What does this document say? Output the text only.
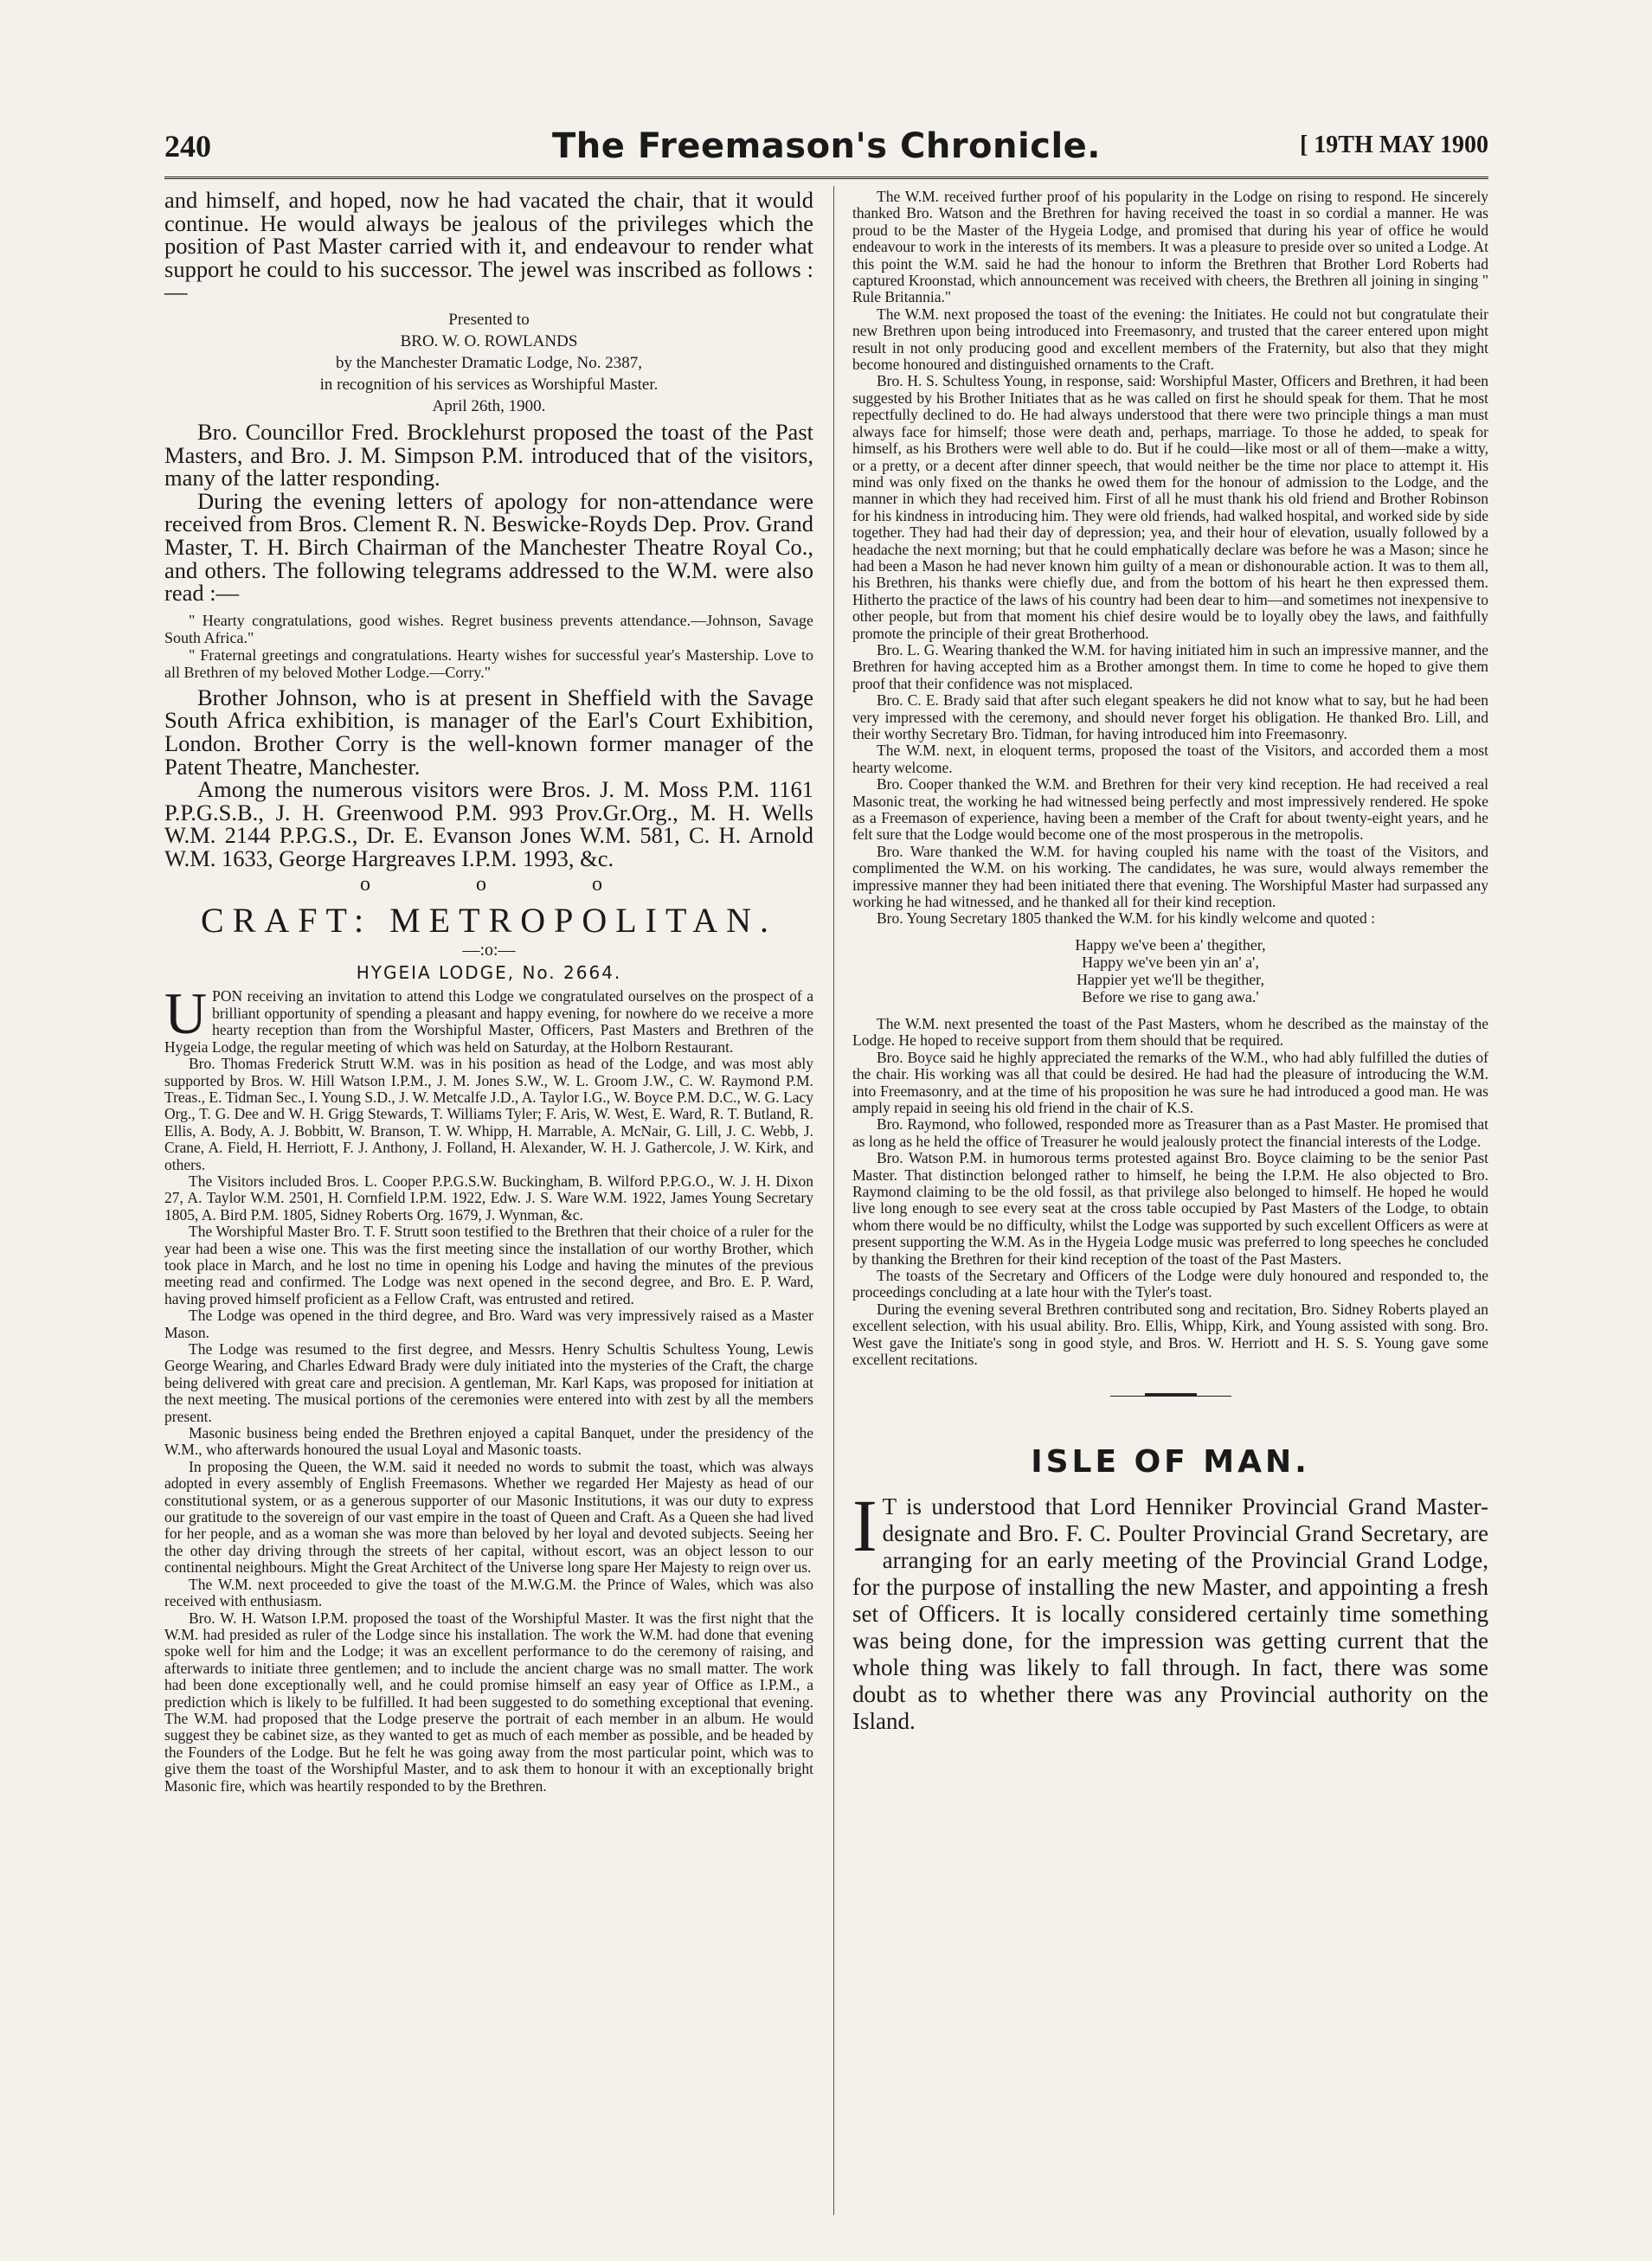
240	The Freemason's Chronicle.	[ 19TH MAY 1900

and himself, and hoped, now he had vacated the chair, that it would continue. He would always be jealous of the privileges which the position of Past Master carried with it, and endeavour to render what support he could to his successor. The jewel was inscribed as follows :—

Presented to
BRO. W. O. ROWLANDS
by the Manchester Dramatic Lodge, No. 2387,
in recognition of his services as Worshipful Master.
April 26th, 1900.

Bro. Councillor Fred. Brocklehurst proposed the toast of the Past Masters, and Bro. J. M. Simpson P.M. introduced that of the visitors, many of the latter responding.

During the evening letters of apology for non-attendance were received from Bros. Clement R. N. Beswicke-Royds Dep. Prov. Grand Master, T. H. Birch Chairman of the Manchester Theatre Royal Co., and others. The following telegrams addressed to the W.M. were also read :—

" Hearty congratulations, good wishes. Regret business prevents attendance.—Johnson, Savage South Africa."

" Fraternal greetings and congratulations. Hearty wishes for successful year's Mastership. Love to all Brethren of my beloved Mother Lodge.—Corry."

Brother Johnson, who is at present in Sheffield with the Savage South Africa exhibition, is manager of the Earl's Court Exhibition, London. Brother Corry is the well-known former manager of the Patent Theatre, Manchester.

Among the numerous visitors were Bros. J. M. Moss P.M. 1161 P.P.G.S.B., J. H. Greenwood P.M. 993 Prov.Gr.Org., M. H. Wells W.M. 2144 P.P.G.S., Dr. E. Evanson Jones W.M. 581, C. H. Arnold W.M. 1633, George Hargreaves I.P.M. 1993, &c.

o o o
CRAFT: METROPOLITAN.
—:o:—
HYGEIA LODGE, No. 2664.

UPON receiving an invitation to attend this Lodge we congratulated ourselves on the prospect of a brilliant opportunity of spending a pleasant and happy evening, for nowhere do we receive a more hearty reception than from the Worshipful Master, Officers, Past Masters and Brethren of the Hygeia Lodge, the regular meeting of which was held on Saturday, at the Holborn Restaurant.

Bro. Thomas Frederick Strutt W.M. was in his position as head of the Lodge, and was most ably supported by Bros. W. Hill Watson I.P.M., J. M. Jones S.W., W. L. Groom J.W., C. W. Raymond P.M. Treas., E. Tidman Sec., I. Young S.D., J. W. Metcalfe J.D., A. Taylor I.G., W. Boyce P.M. D.C., W. G. Lacy Org., T. G. Dee and W. H. Grigg Stewards, T. Williams Tyler; F. Aris, W. West, E. Ward, R. T. Butland, R. Ellis, A. Body, A. J. Bobbitt, W. Branson, T. W. Whipp, H. Marrable, A. McNair, G. Lill, J. C. Webb, J. Crane, A. Field, H. Herriott, F. J. Anthony, J. Folland, H. Alexander, W. H. J. Gathercole, J. W. Kirk, and others.

The Visitors included Bros. L. Cooper P.P.G.S.W. Buckingham, B. Wilford P.P.G.O., W. J. H. Dixon 27, A. Taylor W.M. 2501, H. Cornfield I.P.M. 1922, Edw. J. S. Ware W.M. 1922, James Young Secretary 1805, A. Bird P.M. 1805, Sidney Roberts Org. 1679, J. Wynman, &c.

The Worshipful Master Bro. T. F. Strutt soon testified to the Brethren that their choice of a ruler for the year had been a wise one. This was the first meeting since the installation of our worthy Brother, which took place in March, and he lost no time in opening his Lodge and having the minutes of the previous meeting read and confirmed. The Lodge was next opened in the second degree, and Bro. E. P. Ward, having proved himself proficient as a Fellow Craft, was entrusted and retired.

The Lodge was opened in the third degree, and Bro. Ward was very impressively raised as a Master Mason.

The Lodge was resumed to the first degree, and Messrs. Henry Schultis Schultess Young, Lewis George Wearing, and Charles Edward Brady were duly initiated into the mysteries of the Craft, the charge being delivered with great care and precision. A gentleman, Mr. Karl Kaps, was proposed for initiation at the next meeting. The musical portions of the ceremonies were entered into with zest by all the members present.

Masonic business being ended the Brethren enjoyed a capital Banquet, under the presidency of the W.M., who afterwards honoured the usual Loyal and Masonic toasts.

In proposing the Queen, the W.M. said it needed no words to submit the toast, which was always adopted in every assembly of English Freemasons. Whether we regarded Her Majesty as head of our constitutional system, or as a generous supporter of our Masonic Institutions, it was our duty to express our gratitude to the sovereign of our vast empire in the toast of Queen and Craft. As a Queen she had lived for her people, and as a woman she was more than beloved by her loyal and devoted subjects. Seeing her the other day driving through the streets of her capital, without escort, was an object lesson to our continental neighbours. Might the Great Architect of the Universe long spare Her Majesty to reign over us.

The W.M. next proceeded to give the toast of the M.W.G.M. the Prince of Wales, which was also received with enthusiasm.

Bro. W. H. Watson I.P.M. proposed the toast of the Worshipful Master. It was the first night that the W.M. had presided as ruler of the Lodge since his installation. The work the W.M. had done that evening spoke well for him and the Lodge; it was an excellent performance to do the ceremony of raising, and afterwards to initiate three gentlemen; and to include the ancient charge was no small matter. The work had been done exceptionally well, and he could promise himself an easy year of Office as I.P.M., a prediction which is likely to be fulfilled. It had been suggested to do something exceptional that evening. The W.M. had proposed that the Lodge preserve the portrait of each member in an album. He would suggest they be cabinet size, as they wanted to get as much of each member as possible, and be headed by the Founders of the Lodge. But he felt he was going away from the most particular point, which was to give them the toast of the Worshipful Master, and to ask them to honour it with an exceptionally bright Masonic fire, which was heartily responded to by the Brethren.

The W.M. received further proof of his popularity in the Lodge on rising to respond. He sincerely thanked Bro. Watson and the Brethren for having received the toast in so cordial a manner. He was proud to be the Master of the Hygeia Lodge, and promised that during his year of office he would endeavour to work in the interests of its members. It was a pleasure to preside over so united a Lodge. At this point the W.M. said he had the honour to inform the Brethren that Brother Lord Roberts had captured Kroonstad, which announcement was received with cheers, the Brethren all joining in singing " Rule Britannia."

The W.M. next proposed the toast of the evening: the Initiates. He could not but congratulate their new Brethren upon being introduced into Freemasonry, and trusted that the career entered upon might result in not only producing good and excellent members of the Fraternity, but also that they might become honoured and distinguished ornaments to the Craft.

Bro. H. S. Schultess Young, in response, said: Worshipful Master, Officers and Brethren, it had been suggested by his Brother Initiates that as he was called on first he should speak for them. That he most repectfully declined to do. He had always understood that there were two principle things a man must always face for himself; those were death and, perhaps, marriage. To those he added, to speak for himself, as his Brothers were well able to do. But if he could—like most or all of them—make a witty, or a pretty, or a decent after dinner speech, that would neither be the time nor place to attempt it. His mind was only fixed on the thanks he owed them for the honour of admission to the Lodge, and the manner in which they had received him. First of all he must thank his old friend and Brother Robinson for his kindness in introducing him. They were old friends, had walked hospital, and worked side by side together. They had had their day of depression; yea, and their hour of elevation, usually followed by a headache the next morning; but that he could emphatically declare was before he was a Mason; since he had been a Mason he had never known him guilty of a mean or dishonourable action. It was to them all, his Brethren, his thanks were chiefly due, and from the bottom of his heart he then expressed them. Hitherto the practice of the laws of his country had been dear to him—and sometimes not inexpensive to other people, but from that moment his chief desire would be to loyally obey the laws, and faithfully promote the principle of their great Brotherhood.

Bro. L. G. Wearing thanked the W.M. for having initiated him in such an impressive manner, and the Brethren for having accepted him as a Brother amongst them. In time to come he hoped to give them proof that their confidence was not misplaced.

Bro. C. E. Brady said that after such elegant speakers he did not know what to say, but he had been very impressed with the ceremony, and should never forget his obligation. He thanked Bro. Lill, and their worthy Secretary Bro. Tidman, for having introduced him into Freemasonry.

The W.M. next, in eloquent terms, proposed the toast of the Visitors, and accorded them a most hearty welcome.

Bro. Cooper thanked the W.M. and Brethren for their very kind reception. He had received a real Masonic treat, the working he had witnessed being perfectly and most impressively rendered. He spoke as a Freemason of experience, having been a member of the Craft for about twenty-eight years, and he felt sure that the Lodge would become one of the most prosperous in the metropolis.

Bro. Ware thanked the W.M. for having coupled his name with the toast of the Visitors, and complimented the W.M. on his working. The candidates, he was sure, would always remember the impressive manner they had been initiated there that evening. The Worshipful Master had surpassed any working he had witnessed, and he thanked all for their kind reception.

Bro. Young Secretary 1805 thanked the W.M. for his kindly welcome and quoted :

Happy we've been a' thegither,
Happy we've been yin an' a',
Happier yet we'll be thegither,
Before we rise to gang awa.'

The W.M. next presented the toast of the Past Masters, whom he described as the mainstay of the Lodge. He hoped to receive support from them should that be required.

Bro. Boyce said he highly appreciated the remarks of the W.M., who had ably fulfilled the duties of the chair. His working was all that could be desired. He had had the pleasure of introducing the W.M. into Freemasonry, and at the time of his proposition he was sure he had introduced a good man. He was amply repaid in seeing his old friend in the chair of K.S.

Bro. Raymond, who followed, responded more as Treasurer than as a Past Master. He promised that as long as he held the office of Treasurer he would jealously protect the financial interests of the Lodge.

Bro. Watson P.M. in humorous terms protested against Bro. Boyce claiming to be the senior Past Master. That distinction belonged rather to himself, he being the I.P.M. He also objected to Bro. Raymond claiming to be the old fossil, as that privilege also belonged to himself. He hoped he would live long enough to see every seat at the cross table occupied by Past Masters of the Lodge, to obtain whom there would be no difficulty, whilst the Lodge was supported by such excellent Officers as were at present supporting the W.M. As in the Hygeia Lodge music was preferred to long speeches he concluded by thanking the Brethren for their kind reception of the toast of the Past Masters.

The toasts of the Secretary and Officers of the Lodge were duly honoured and responded to, the proceedings concluding at a late hour with the Tyler's toast.

During the evening several Brethren contributed song and recitation, Bro. Sidney Roberts played an excellent selection, with his usual ability. Bro. Ellis, Whipp, Kirk, and Young assisted with song. Bro. West gave the Initiate's song in good style, and Bros. W. Herriott and H. S. S. Young gave some excellent recitations.

ISLE OF MAN.

I T is understood that Lord Henniker Provincial Grand Master-designate and Bro. F. C. Poulter Provincial Grand Secretary, are arranging for an early meeting of the Provincial Grand Lodge, for the purpose of installing the new Master, and appointing a fresh set of Officers. It is locally considered certainly time something was being done, for the impression was getting current that the whole thing was likely to fall through. In fact, there was some doubt as to whether there was any Provincial authority on the Island.
